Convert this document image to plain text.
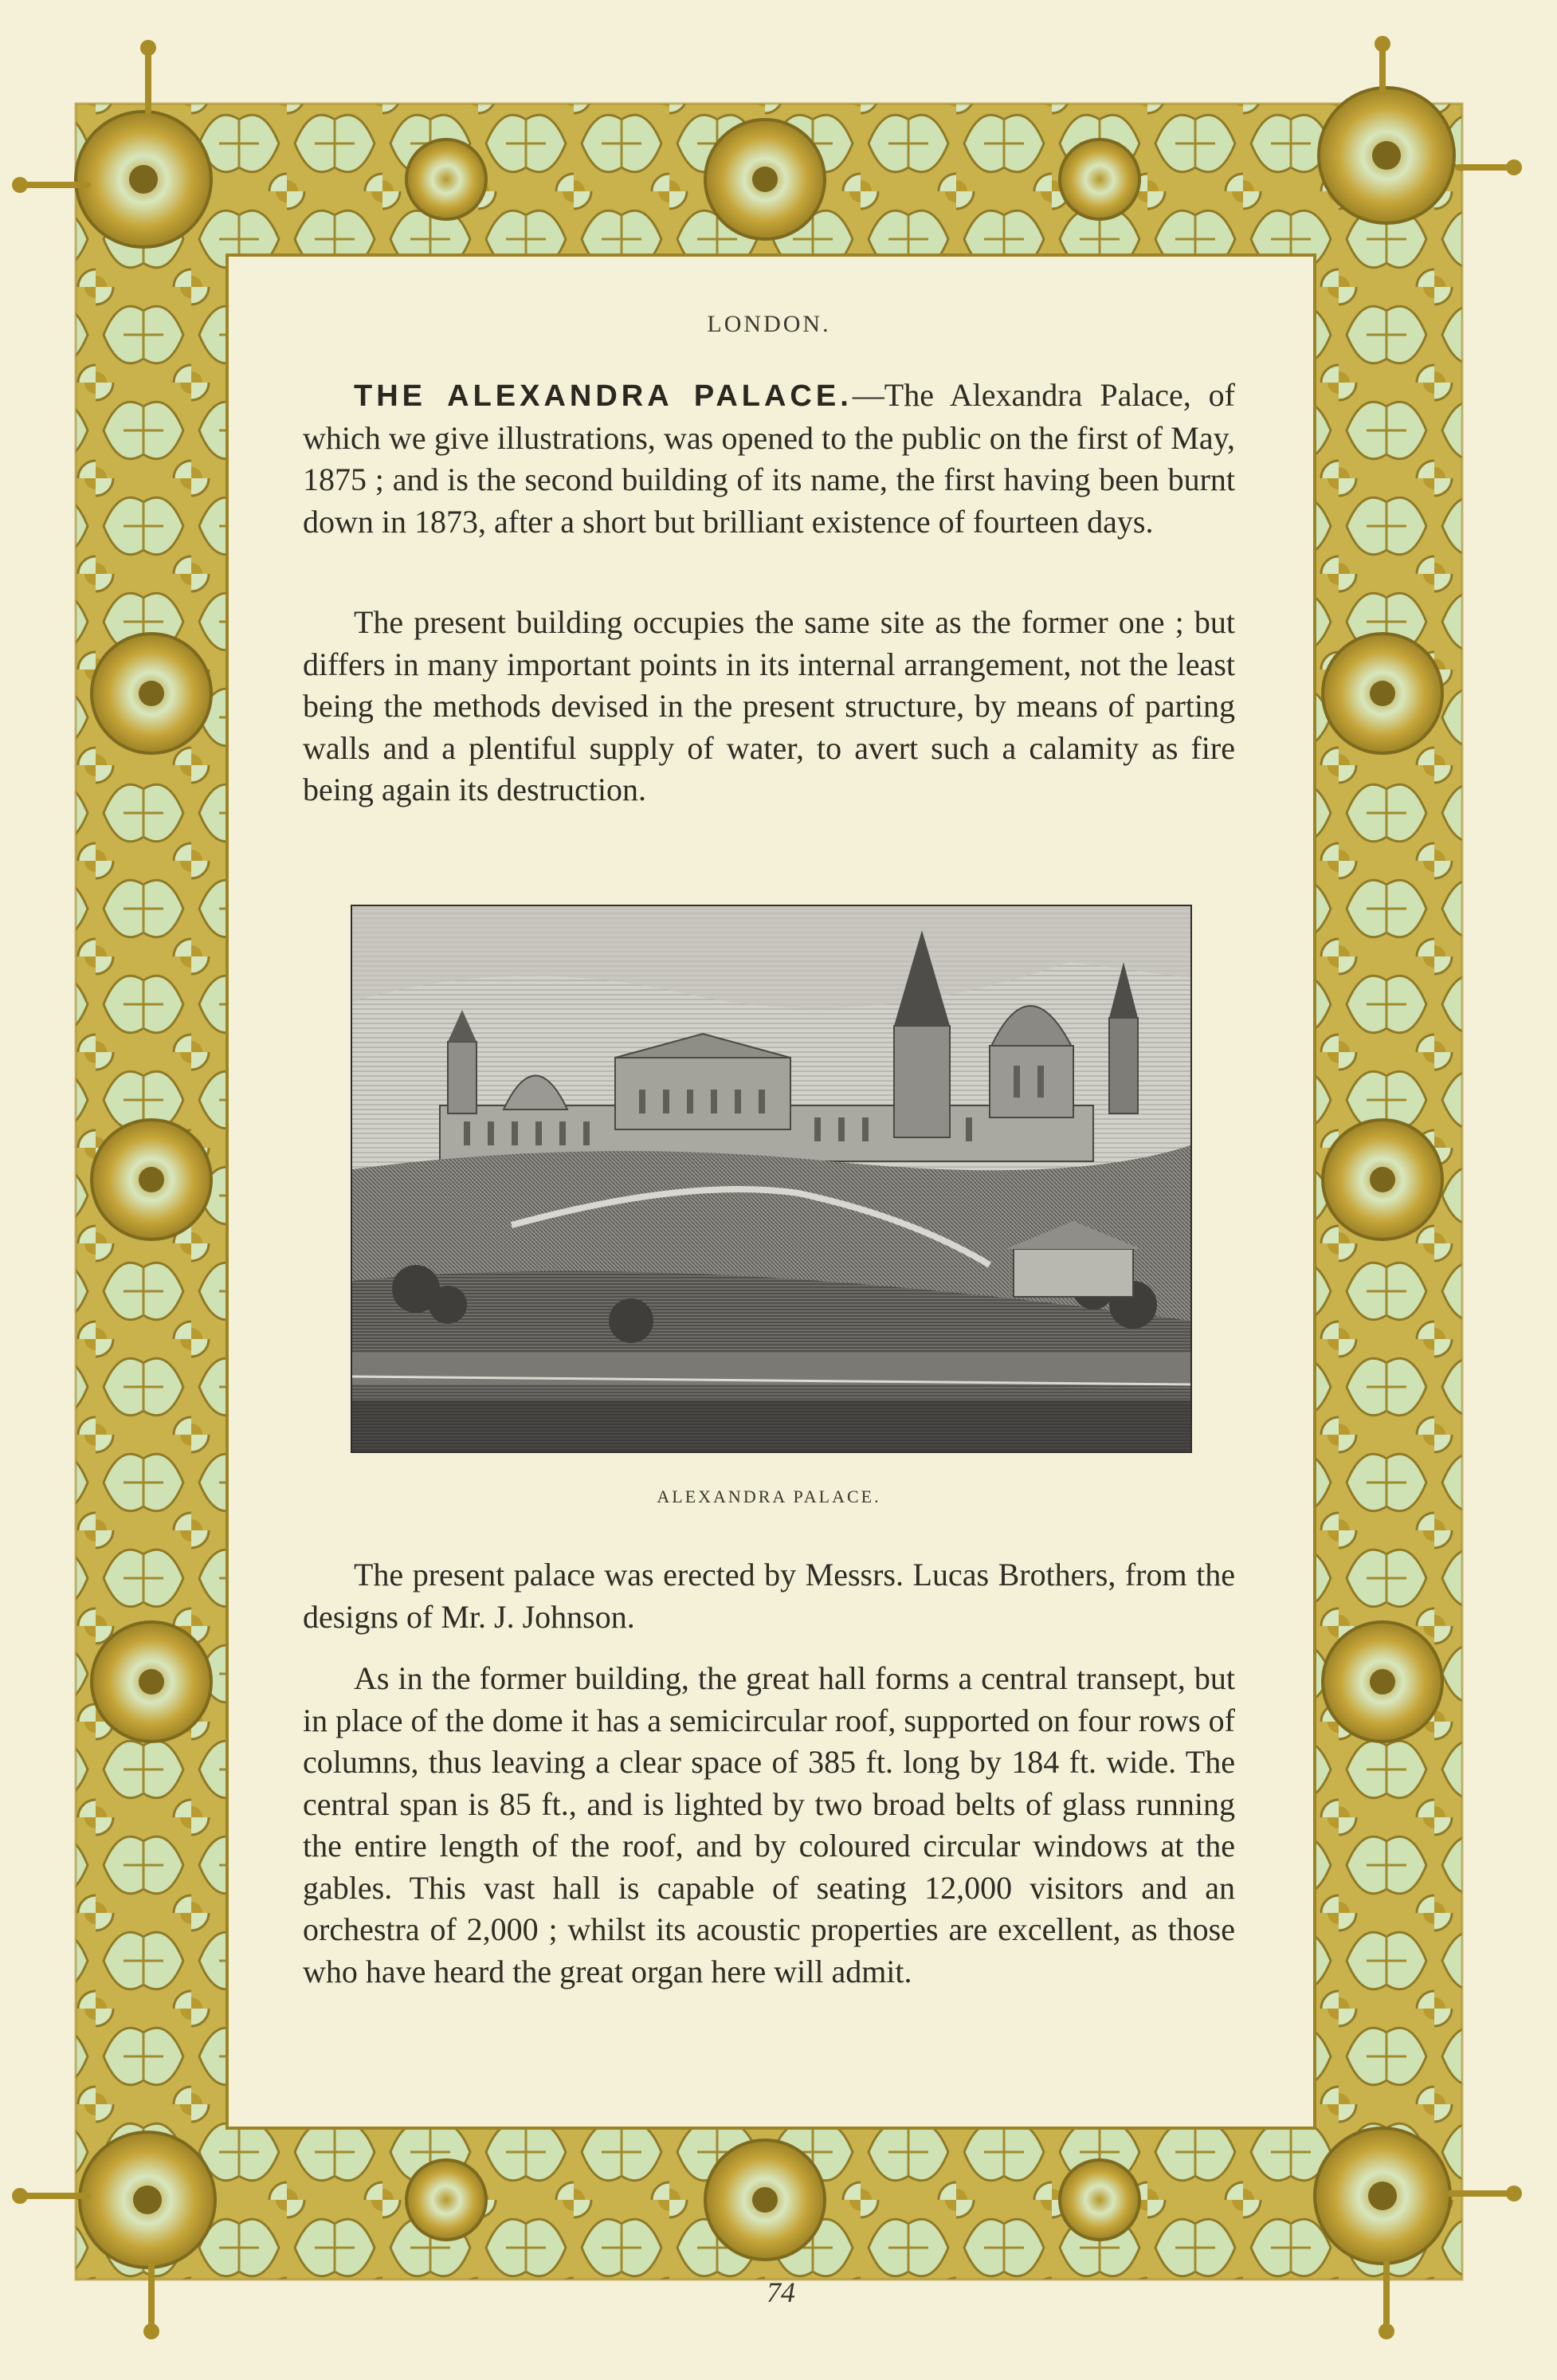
LONDON.
THE ALEXANDRA PALACE.—The Alexandra Palace, of which we give illustrations, was opened to the public on the first of May, 1875 ; and is the second building of its name, the first having been burnt down in 1873, after a short but brilliant existence of fourteen days.
The present building occupies the same site as the former one ; but differs in many important points in its internal arrangement, not the least being the methods devised in the present structure, by means of parting walls and a plentiful supply of water, to avert such a calamity as fire being again its destruction.
ALEXANDRA PALACE.
The present palace was erected by Messrs. Lucas Brothers, from the designs of Mr. J. Johnson.
As in the former building, the great hall forms a central transept, but in place of the dome it has a semicircular roof, supported on four rows of columns, thus leaving a clear space of 385 ft. long by 184 ft. wide. The central span is 85 ft., and is lighted by two broad belts of glass running the entire length of the roof, and by coloured circular windows at the gables. This vast hall is capable of seating 12,000 visitors and an orchestra of 2,000 ; whilst its acoustic properties are excellent, as those who have heard the great organ here will admit.
74
